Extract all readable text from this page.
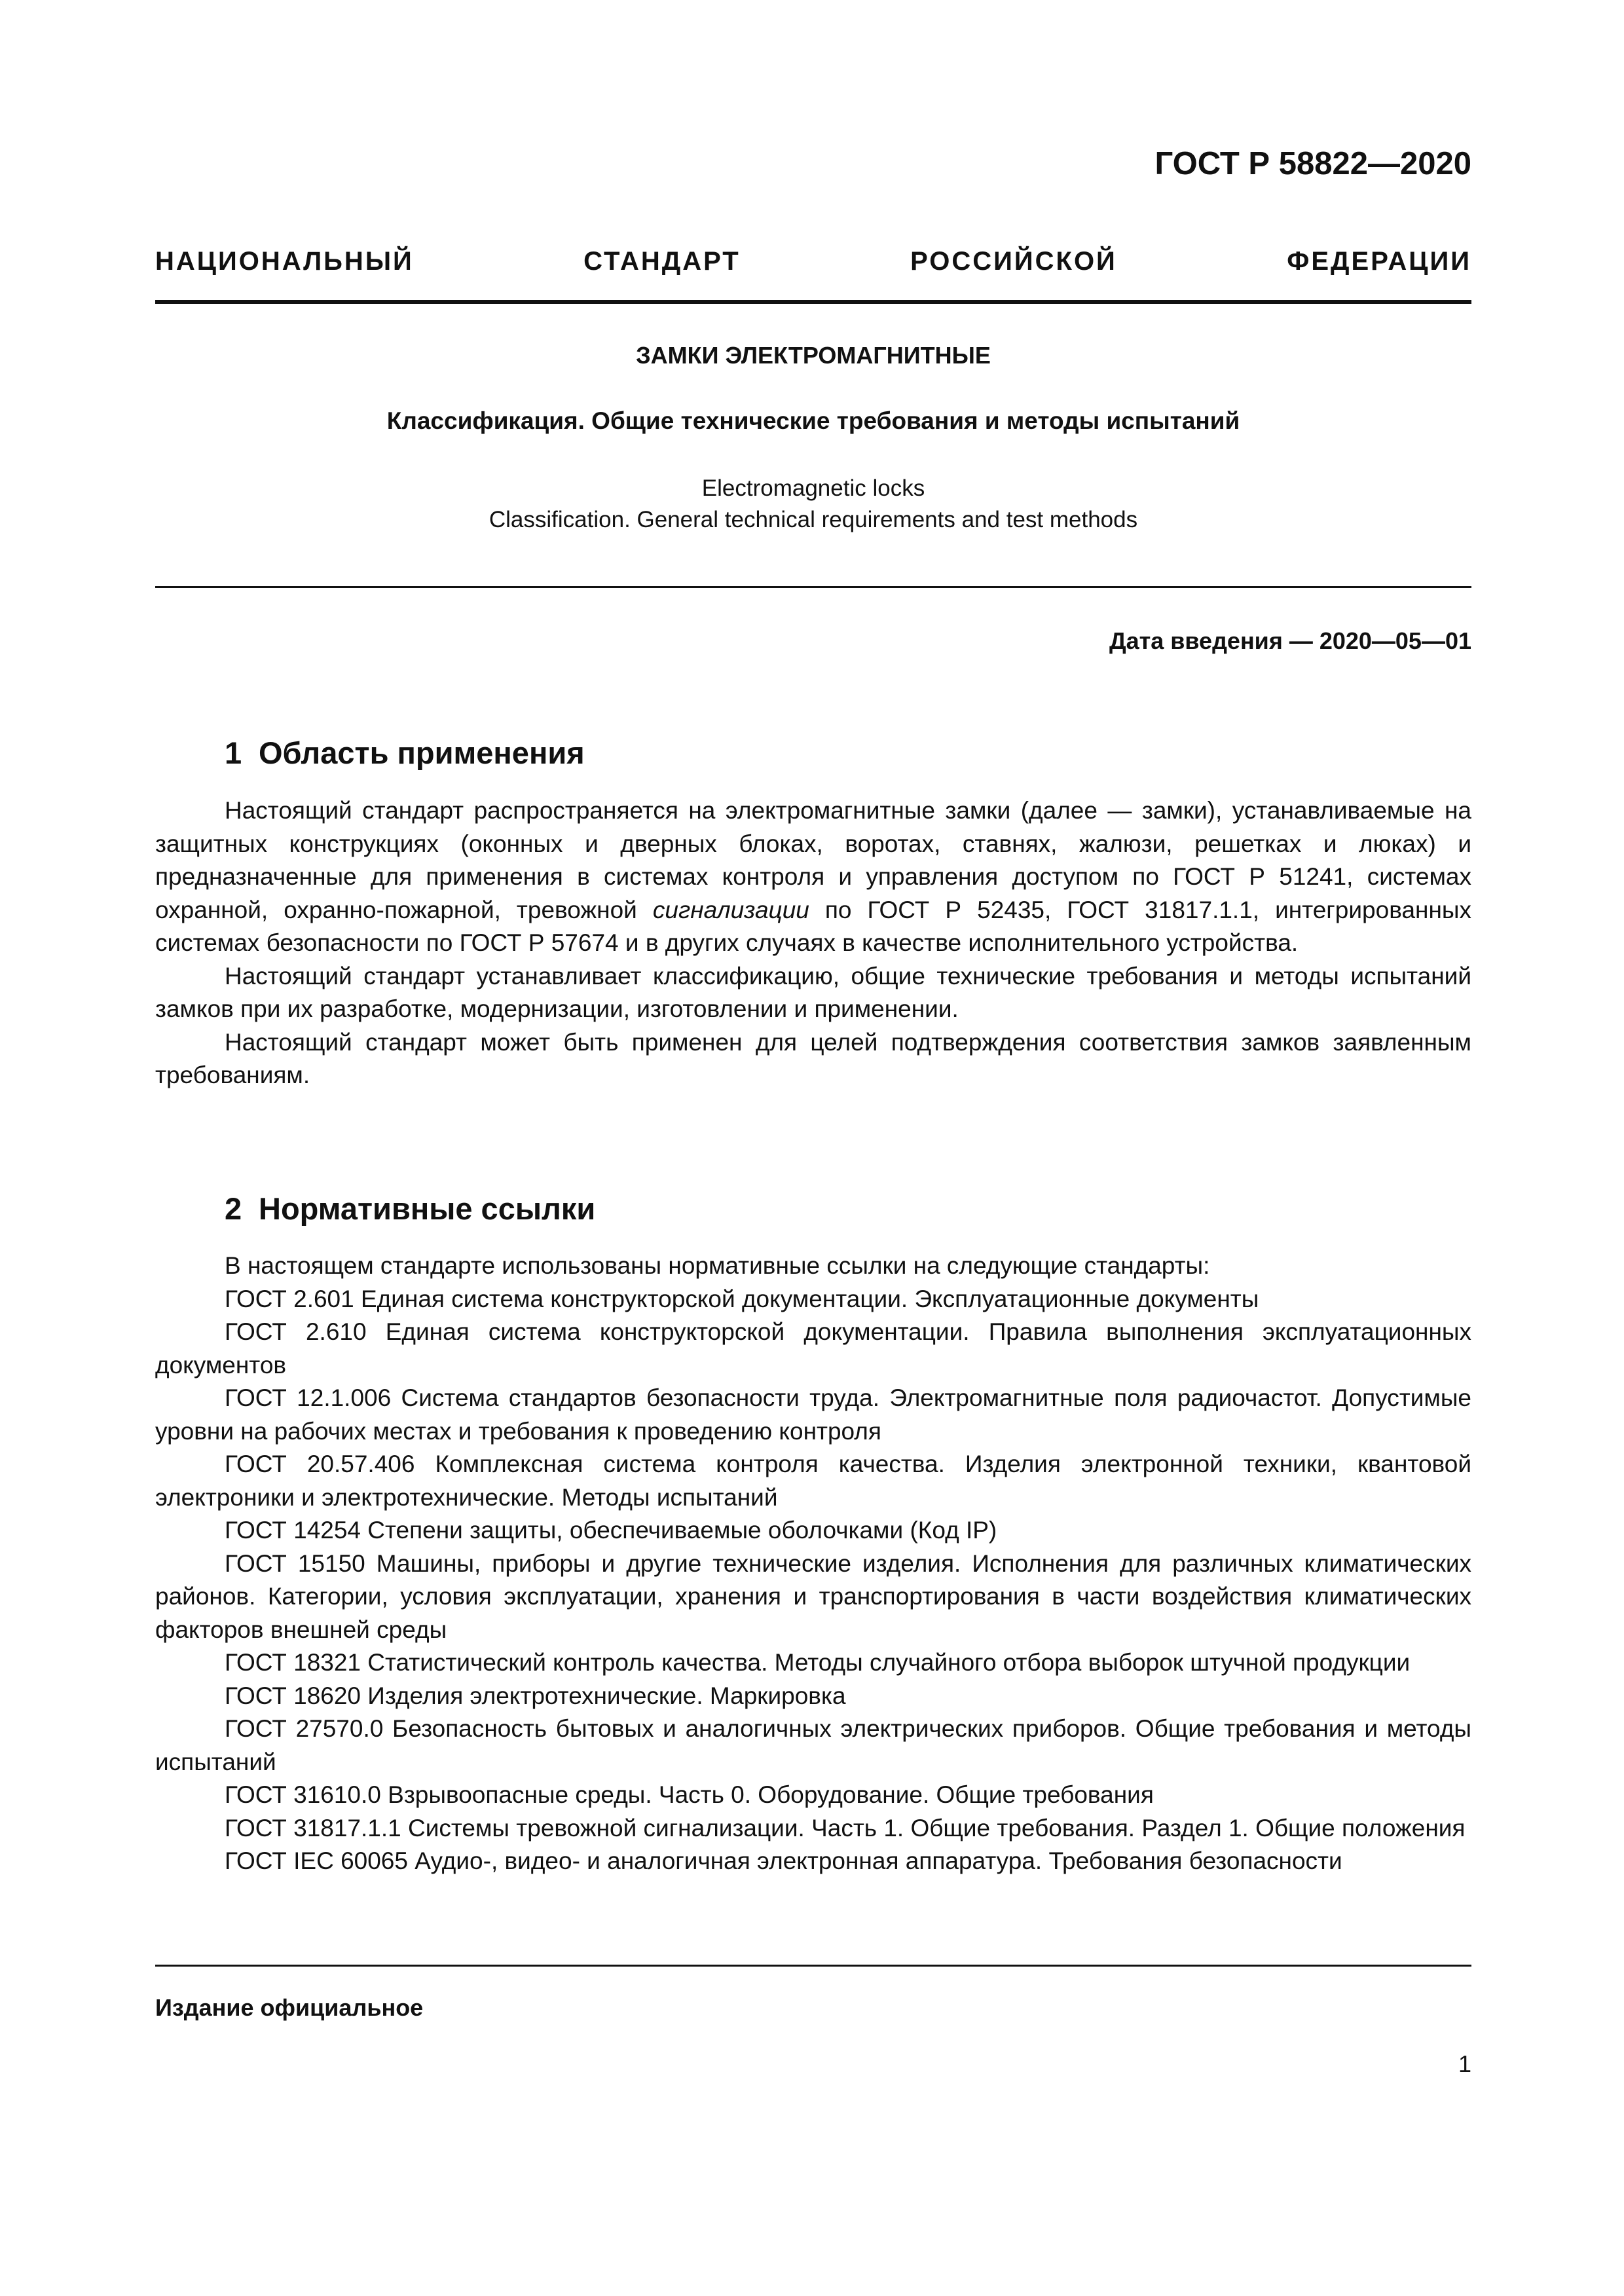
ГОСТ Р 58822—2020
НАЦИОНАЛЬНЫЙ СТАНДАРТ РОССИЙСКОЙ ФЕДЕРАЦИИ
ЗАМКИ ЭЛЕКТРОМАГНИТНЫЕ
Классификация. Общие технические требования и методы испытаний
Electromagnetic locks
Classification. General technical requirements and test methods
Дата введения — 2020—05—01
1 Область применения

Настоящий стандарт распространяется на электромагнитные замки (далее — замки), устанавливаемые на защитных конструкциях (оконных и дверных блоках, воротах, ставнях, жалюзи, решетках и люках) и предназначенные для применения в системах контроля и управления доступом по ГОСТ Р 51241, системах охранной, охранно-пожарной, тревожной сигнализации по ГОСТ Р 52435, ГОСТ 31817.1.1, интегрированных системах безопасности по ГОСТ Р 57674 и в других случаях в качестве исполнительного устройства.

Настоящий стандарт устанавливает классификацию, общие технические требования и методы испытаний замков при их разработке, модернизации, изготовлении и применении.

Настоящий стандарт может быть применен для целей подтверждения соответствия замков заявленным требованиям.

2 Нормативные ссылки

В настоящем стандарте использованы нормативные ссылки на следующие стандарты:

ГОСТ 2.601 Единая система конструкторской документации. Эксплуатационные документы

ГОСТ 2.610 Единая система конструкторской документации. Правила выполнения эксплуатационных документов

ГОСТ 12.1.006 Система стандартов безопасности труда. Электромагнитные поля радиочастот. Допустимые уровни на рабочих местах и требования к проведению контроля

ГОСТ 20.57.406 Комплексная система контроля качества. Изделия электронной техники, квантовой электроники и электротехнические. Методы испытаний

ГОСТ 14254 Степени защиты, обеспечиваемые оболочками (Код IP)

ГОСТ 15150 Машины, приборы и другие технические изделия. Исполнения для различных климатических районов. Категории, условия эксплуатации, хранения и транспортирования в части воздействия климатических факторов внешней среды

ГОСТ 18321 Статистический контроль качества. Методы случайного отбора выборок штучной продукции

ГОСТ 18620 Изделия электротехнические. Маркировка

ГОСТ 27570.0 Безопасность бытовых и аналогичных электрических приборов. Общие требования и методы испытаний

ГОСТ 31610.0 Взрывоопасные среды. Часть 0. Оборудование. Общие требования

ГОСТ 31817.1.1 Системы тревожной сигнализации. Часть 1. Общие требования. Раздел 1. Общие положения

ГОСТ IEC 60065 Аудио-, видео- и аналогичная электронная аппаратура. Требования безопасности

Издание официальное
1
